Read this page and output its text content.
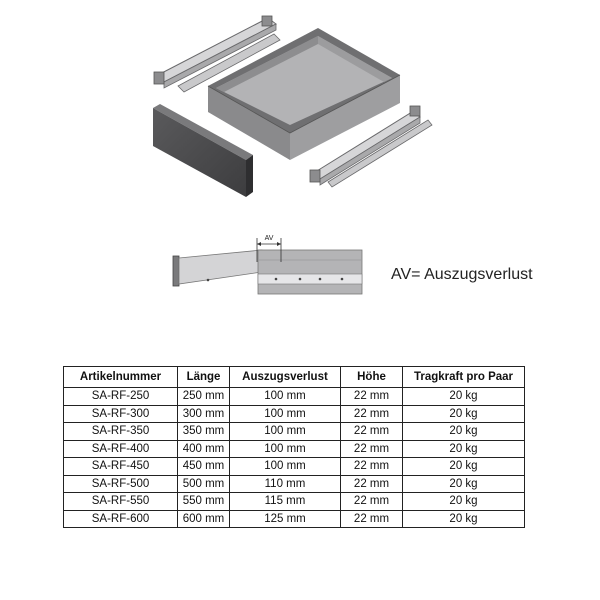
AV
AV= Auszugsverlust
Artikelnummer	Länge	Auszugsverlust	Höhe	Tragkraft pro Paar
SA-RF-250	250 mm	100 mm	22 mm	20 kg
SA-RF-300	300 mm	100 mm	22 mm	20 kg
SA-RF-350	350 mm	100 mm	22 mm	20 kg
SA-RF-400	400 mm	100 mm	22 mm	20 kg
SA-RF-450	450 mm	100 mm	22 mm	20 kg
SA-RF-500	500 mm	110 mm	22 mm	20 kg
SA-RF-550	550 mm	115 mm	22 mm	20 kg
SA-RF-600	600 mm	125 mm	22 mm	20 kg
